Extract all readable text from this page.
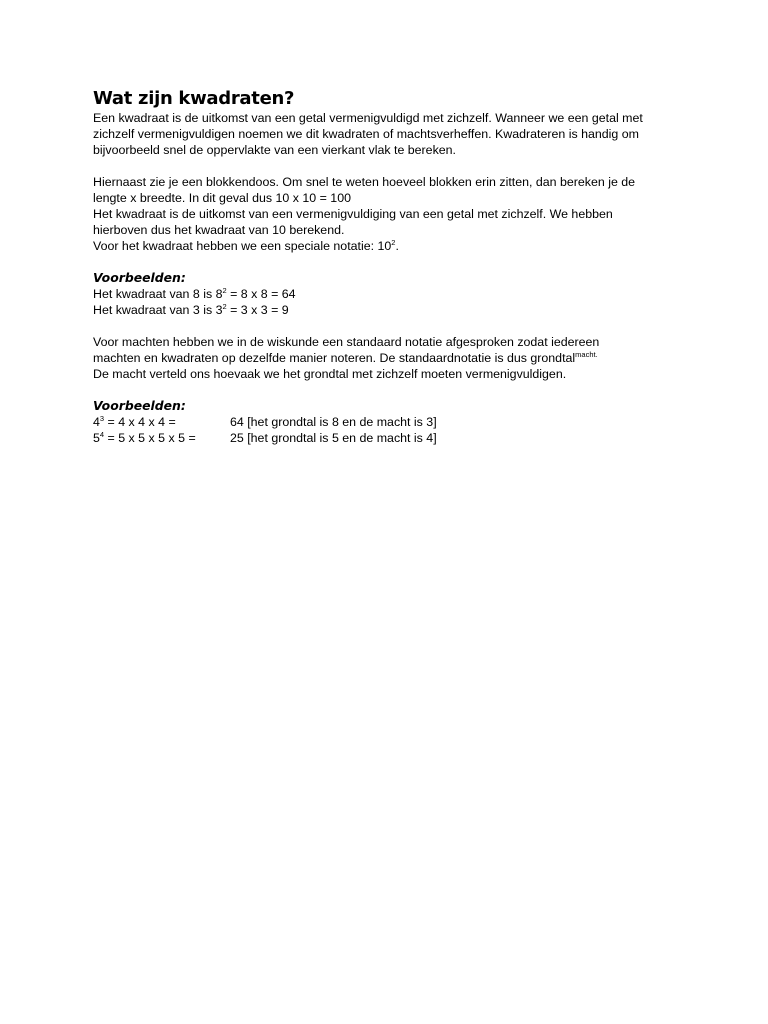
Wat zijn kwadraten?

Een kwadraat is de uitkomst van een getal vermenigvuldigd met zichzelf. Wanneer we een getal met
zichzelf vermenigvuldigen noemen we dit kwadraten of machtsverheffen. Kwadrateren is handig om
bijvoorbeeld snel de oppervlakte van een vierkant vlak te bereken.

Hiernaast zie je een blokkendoos. Om snel te weten hoeveel blokken erin zitten, dan bereken je de
lengte x breedte. In dit geval dus 10 x 10 = 100
Het kwadraat is de uitkomst van een vermenigvuldiging van een getal met zichzelf. We hebben
hierboven dus het kwadraat van 10 berekend.
Voor het kwadraat hebben we een speciale notatie: $10^2$.

Voorbeelden:

Het kwadraat van 8 is $8^2 = 8$ x 8 = 64
Het kwadraat van 3 is $3^2 = 3$ x 3 = 9

Voor machten hebben we in de wiskunde een standaard notatie afgesproken zodat iedereen
machten en kwadraten op dezelfde manier noteren. De standaardnotatie is dus grondtal$^{macht.}$
De macht verteld ons hoevaak we het grondtal met zichzelf moeten vermenigvuldigen.

Voorbeelden:

$4^3 = 4$ x 4 x 4 =	64 [het grondtal is 8 en de macht is 3]
$5^4 = 5$ x 5 x 5 x 5 =	25 [het grondtal is 5 en de macht is 4]
